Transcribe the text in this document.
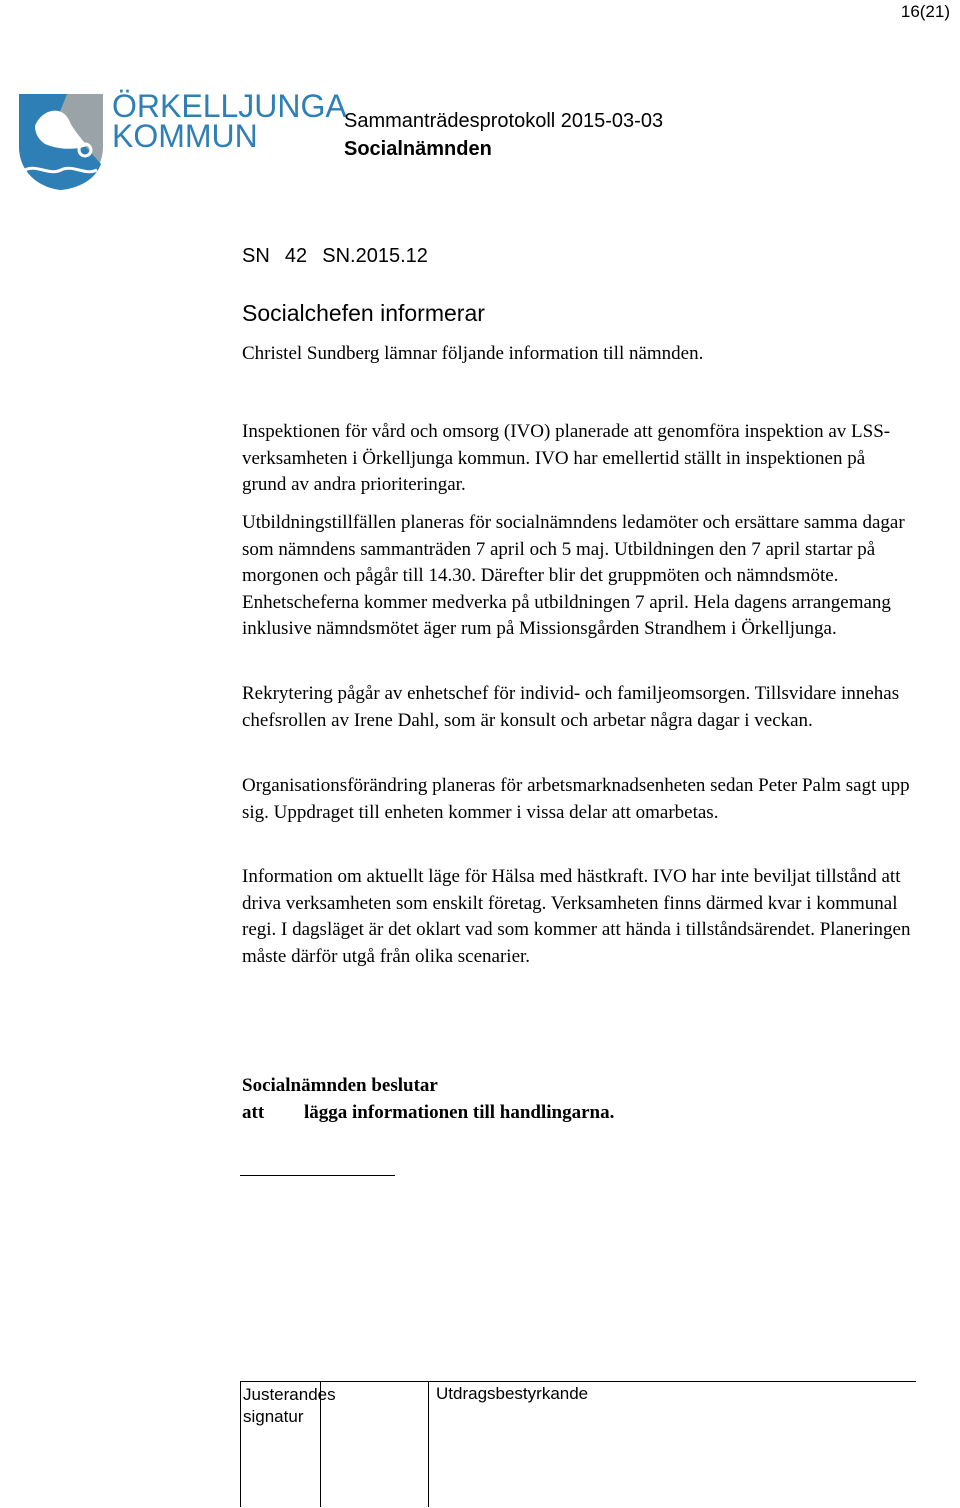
16(21)
ÖRKELLJUNGA
KOMMUN	Sammanträdesprotokoll 2015-03-03
Socialnämnden
SN  42  SN.2015.12
Socialchefen informerar

Christel Sundberg lämnar följande information till nämnden.

Inspektionen för vård och omsorg (IVO) planerade att genomföra inspektion av LSS-verksamheten i Örkelljunga kommun. IVO har emellertid ställt in inspektionen på grund av andra prioriteringar.

Utbildningstillfällen planeras för socialnämndens ledamöter och ersättare samma dagar som nämndens sammanträden 7 april och 5 maj. Utbildningen den 7 april startar på morgonen och pågår till 14.30. Därefter blir det gruppmöten och nämndsmöte. Enhetscheferna kommer medverka på utbildningen 7 april. Hela dagens arrangemang inklusive nämndsmötet äger rum på Missionsgården Strandhem i Örkelljunga.

Rekrytering pågår av enhetschef för individ- och familjeomsorgen. Tillsvidare innehas chefsrollen av Irene Dahl, som är konsult och arbetar några dagar i veckan.

Organisationsförändring planeras för arbetsmarknadsenheten sedan Peter Palm sagt upp sig. Uppdraget till enheten kommer i vissa delar att omarbetas.

Information om aktuellt läge för Hälsa med hästkraft. IVO har inte beviljat tillstånd att driva verksamheten som enskilt företag. Verksamheten finns därmed kvar i kommunal regi. I dagsläget är det oklart vad som kommer att hända i tillståndsärendet. Planeringen måste därför utgå från olika scenarier.

Socialnämnden beslutar
att lägga informationen till handlingarna.
Justerandes
signatur
Utdragsbestyrkande
